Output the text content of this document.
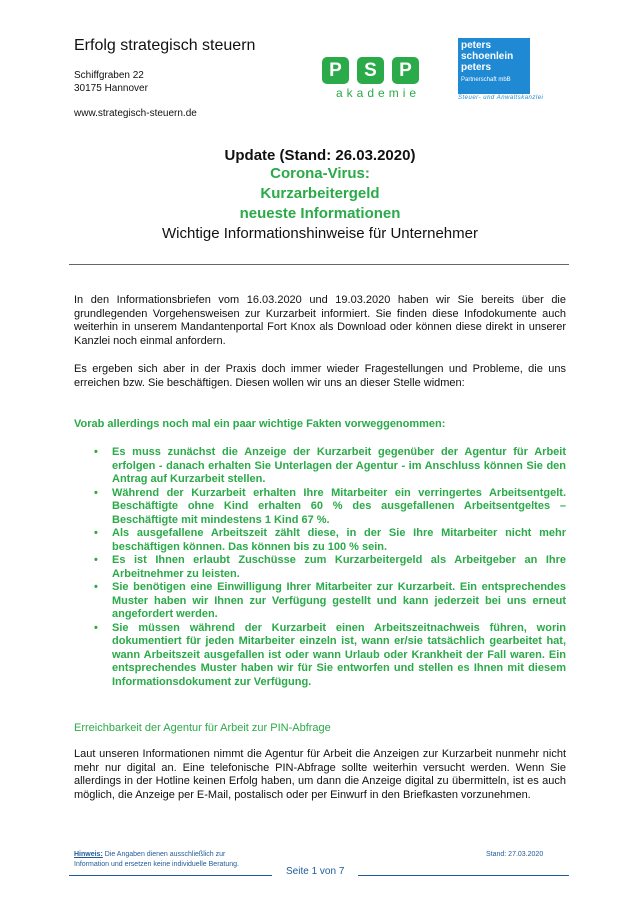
Erfolg strategisch steuern
Schiffgraben 22
30175 Hannover
www.strategisch-steuern.de
P	S	P
akademie
peters
schoenlein
peters
Partnerschaft mbB
Steuer- und Anwaltskanzlei
Update (Stand: 26.03.2020)
Corona-Virus:
Kurzarbeitergeld
neueste Informationen
Wichtige Informationshinweise für Unternehmer

In den Informationsbriefen vom 16.03.2020 und 19.03.2020 haben wir Sie bereits über die grundlegenden Vorgehensweisen zur Kurzarbeit informiert. Sie finden diese Infodokumente auch weiterhin in unserem Mandantenportal Fort Knox als Download oder können diese direkt in unserer Kanzlei noch einmal anfordern.

Es ergeben sich aber in der Praxis doch immer wieder Fragestellungen und Probleme, die uns erreichen bzw. Sie beschäftigen. Diesen wollen wir uns an dieser Stelle widmen:

Vorab allerdings noch mal ein paar wichtige Fakten vorweggenommen:
• Es muss zunächst die Anzeige der Kurzarbeit gegenüber der Agentur für Arbeit erfolgen - danach erhalten Sie Unterlagen der Agentur - im Anschluss können Sie den Antrag auf Kurzarbeit stellen.
• Während der Kurzarbeit erhalten Ihre Mitarbeiter ein verringertes Arbeitsentgelt. Beschäftigte ohne Kind erhalten 60 % des ausgefallenen Arbeitsentgeltes – Beschäftigte mit mindestens 1 Kind 67 %.
• Als ausgefallene Arbeitszeit zählt diese, in der Sie Ihre Mitarbeiter nicht mehr beschäftigen können. Das können bis zu 100 % sein.
• Es ist Ihnen erlaubt Zuschüsse zum Kurzarbeitergeld als Arbeitgeber an Ihre Arbeitnehmer zu leisten.
• Sie benötigen eine Einwilligung Ihrer Mitarbeiter zur Kurzarbeit. Ein entsprechendes Muster haben wir Ihnen zur Verfügung gestellt und kann jederzeit bei uns erneut angefordert werden.
• Sie müssen während der Kurzarbeit einen Arbeitszeitnachweis führen, worin dokumentiert für jeden Mitarbeiter einzeln ist, wann er/sie tatsächlich gearbeitet hat, wann Arbeitszeit ausgefallen ist oder wann Urlaub oder Krankheit der Fall waren. Ein entsprechendes Muster haben wir für Sie entworfen und stellen es Ihnen mit diesem Informationsdokument zur Verfügung.
Erreichbarkeit der Agentur für Arbeit zur PIN-Abfrage

Laut unseren Informationen nimmt die Agentur für Arbeit die Anzeigen zur Kurzarbeit nunmehr nicht mehr nur digital an. Eine telefonische PIN-Abfrage sollte weiterhin versucht werden. Wenn Sie allerdings in der Hotline keinen Erfolg haben, um dann die Anzeige digital zu übermitteln, ist es auch möglich, die Anzeige per E-Mail, postalisch oder per Einwurf in den Briefkasten vorzunehmen.

Hinweis: Die Angaben dienen ausschließlich zur
Information und ersetzen keine individuelle Beratung.
Stand: 27.03.2020
Seite 1 von 7
